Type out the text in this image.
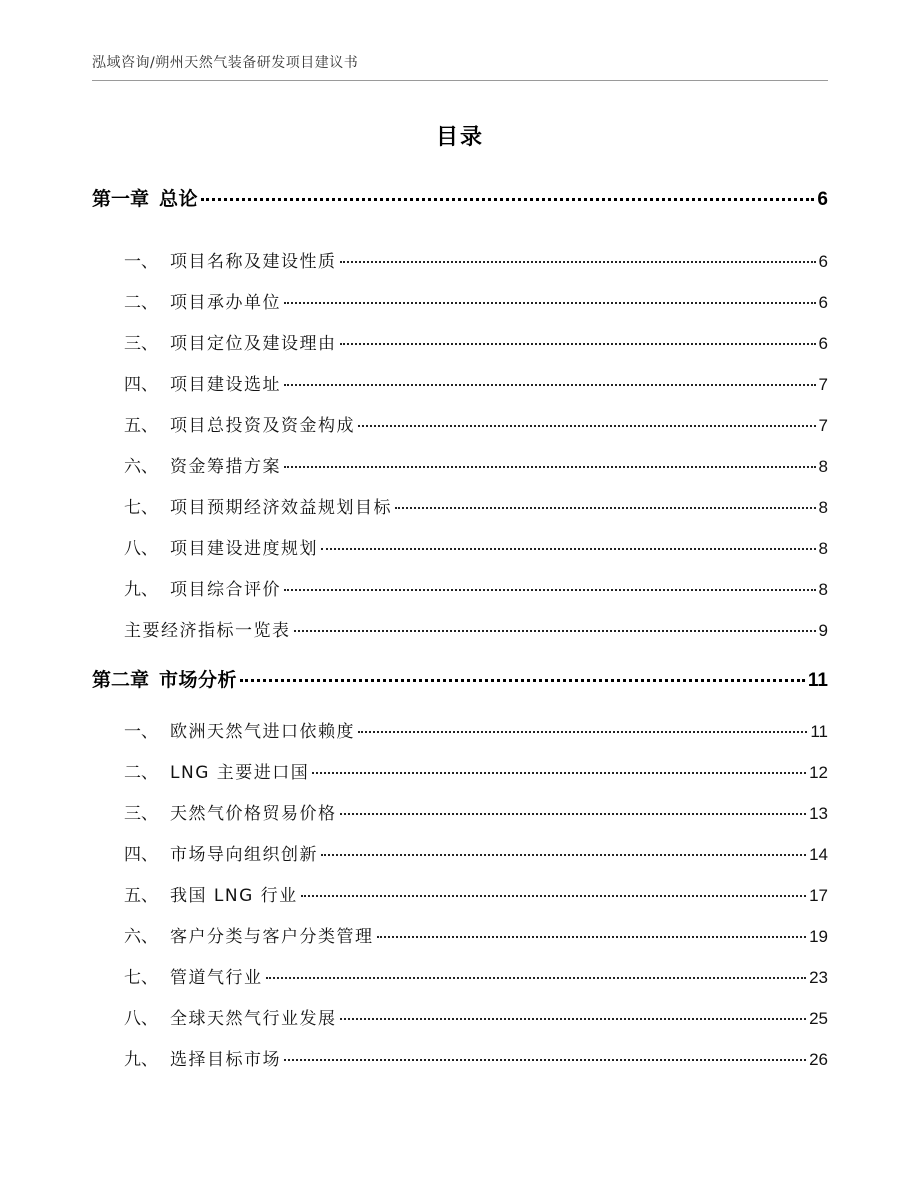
泓域咨询/朔州天然气装备研发项目建议书
目录
第一章 总论	6
一、 项目名称及建设性质	6
二、 项目承办单位	6
三、 项目定位及建设理由	6
四、 项目建设选址	7
五、 项目总投资及资金构成	7
六、 资金筹措方案	8
七、 项目预期经济效益规划目标	8
八、 项目建设进度规划	8
九、 项目综合评价	8
主要经济指标一览表	9
第二章 市场分析	11
一、 欧洲天然气进口依赖度	11
二、 LNG 主要进口国	12
三、 天然气价格贸易价格	13
四、 市场导向组织创新	14
五、 我国 LNG 行业	17
六、 客户分类与客户分类管理	19
七、 管道气行业	23
八、 全球天然气行业发展	25
九、 选择目标市场	26
